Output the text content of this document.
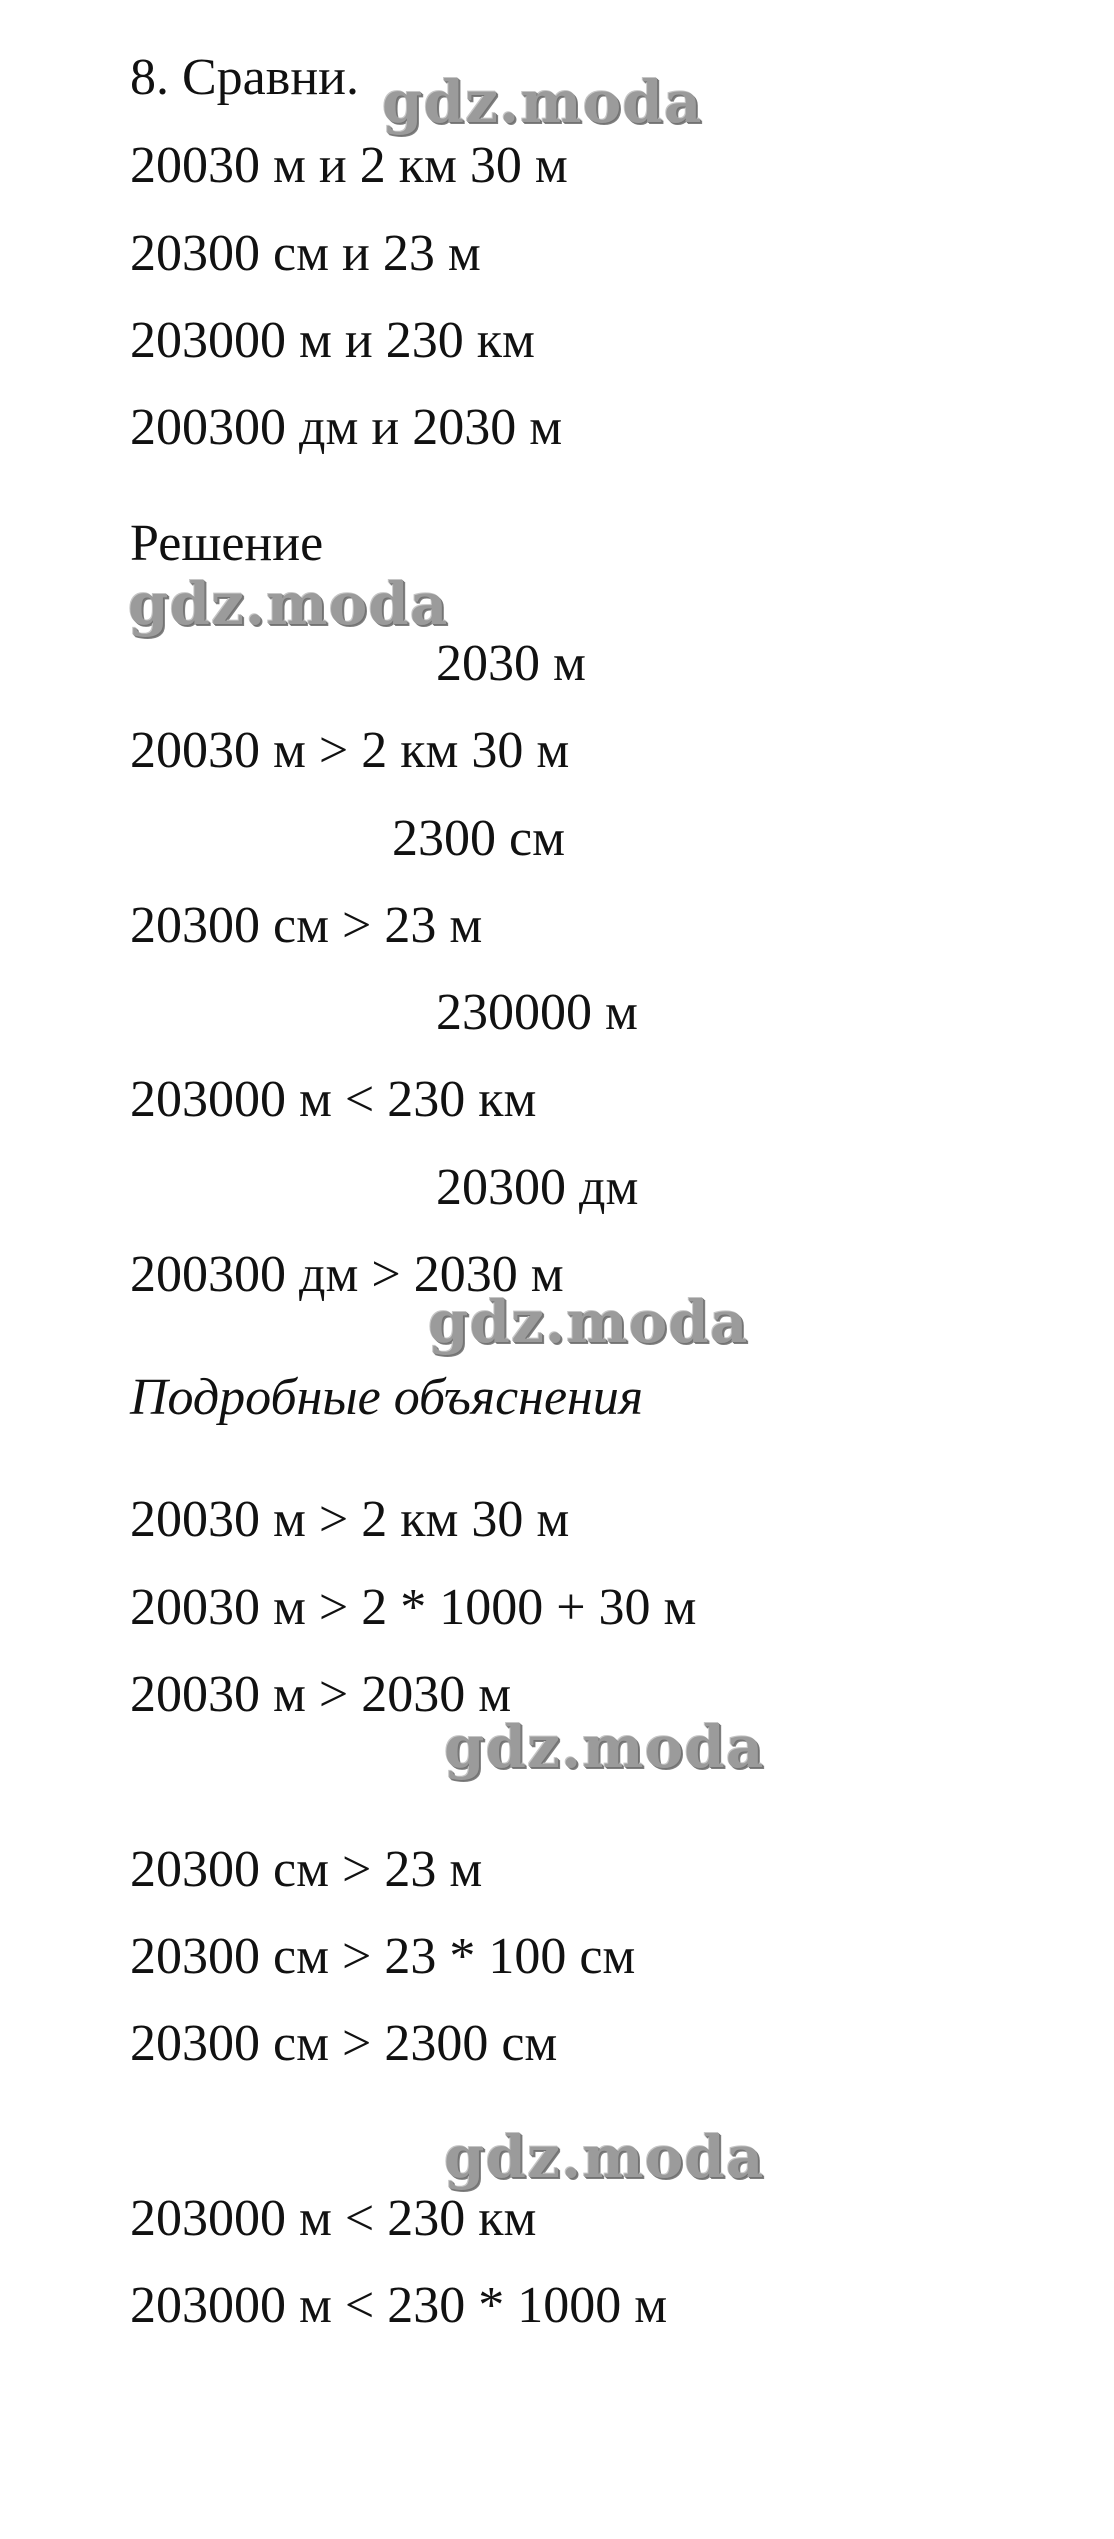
8. Сравни.
20030 м и 2 км 30 м
20300 см и 23 м
203000 м и 230 км
200300 дм и 2030 м
Решение
2030 м
20030 м > 2 км 30 м
2300 см
20300 см > 23 м
230000 м
203000 м < 230 км
20300 дм
200300 дм > 2030 м
Подробные объяснения
20030 м > 2 км 30 м
20030 м > 2 * 1000 + 30 м
20030 м > 2030 м
20300 см > 23 м
20300 см > 23 * 100 см
20300 см > 2300 см
203000 м < 230 км
203000 м < 230 * 1000 м
gdz.moda
gdz.moda
gdz.moda
gdz.moda
gdz.moda
